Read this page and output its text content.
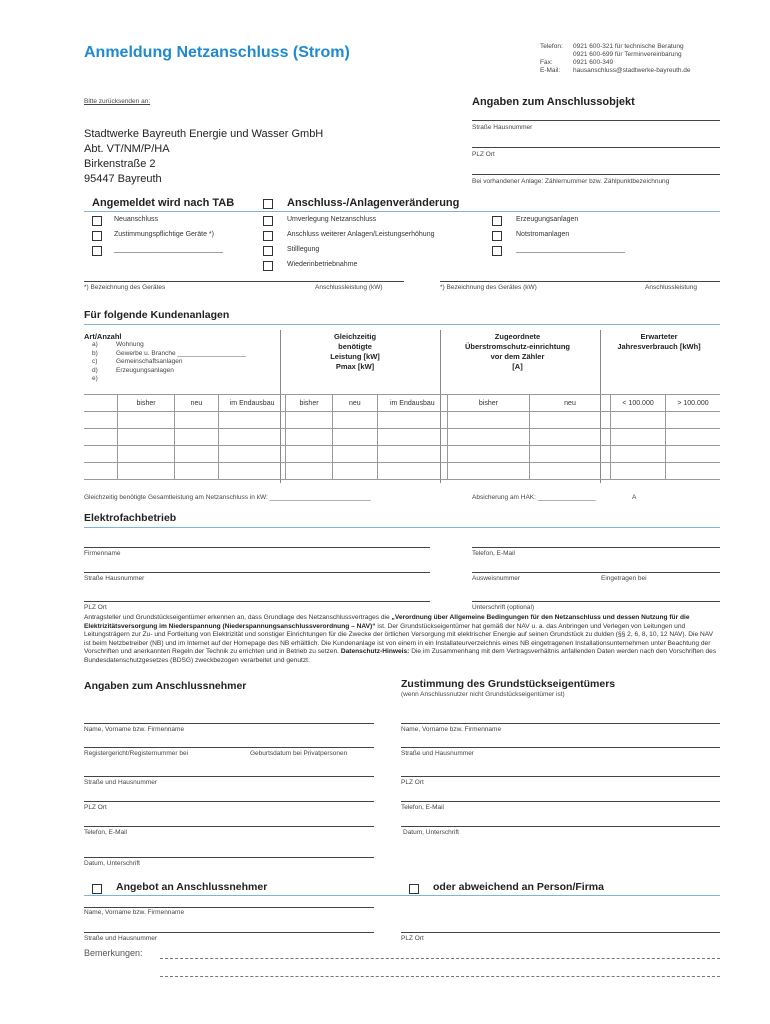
Anmeldung Netzanschluss (Strom)	Telefon:	0921 600-321 für technische Beratung
0921 600-699 für Terminvereinbarung
Fax:	0921 600-349
E-Mail:	hausanschluss@stadtwerke-bayreuth.de
Bitte zurücksenden an:
Stadtwerke Bayreuth Energie und Wasser GmbH
Abt. VT/NM/P/HA
Birkenstraße 2
95447 Bayreuth
Angaben zum Anschlussobjekt
Straße Hausnummer
PLZ Ort
Bei vorhandener Anlage: Zählernummer bzw. Zählpunktbezeichnung
Angemeldet wird nach TAB	Anschluss-/Anlagenveränderung
Neuanschluss
Zustimmungspflichtige Geräte *)
____________________________
Umverlegung Netzanschluss
Anschluss weiterer Anlagen/Leistungserhöhung
Stilllegung
Wiederinbetriebnahme
Erzeugungsanlagen
Notstromanlagen
____________________________
*) Bezeichnung des Gerätes	Anschlussleistung (kW)	*) Bezeichnung des Gerätes (kW)	Anschlussleistung
Für folgende Kundenanlagen
Art/Anzahl
a)	Wohnung
b)	Gewerbe u. Branche ___________________
c)	Gemeinschaftsanlagen
d)	Erzeugungsanlagen
e)
Gleichzeitig
benötigte
Leistung [kW]
Pmax [kW]
Zugeordnete
Überstromschutz-einrichtung
vor dem Zähler
[A]
Erwarteter
Jahresverbrauch [kWh]
	bisher	neu	im Endausbau	bisher	neu	im Endausbau	bisher	neu	< 100.000	> 100.000

Gleichzeitig benötigte Gesamtleistung am Netzanschluss in kW: ____________________________	Absicherung am HAK: ________________	A
Elektrofachbetrieb
Firmenname	Telefon, E-Mail
Straße Hausnummer	Ausweisnummer	Eingetragen bei
PLZ Ort	Unterschrift (optional)
Antragsteller und Grundstückseigentümer erkennen an, dass Grundlage des Netzanschlussvertrages die „Verordnung über Allgemeine Bedingungen für den Netzanschluss und dessen Nutzung für die Elektrizitätsversorgung im Niederspannung (Niederspannungsanschlussverordnung – NAV)“ ist. Der Grundstückseigentümer hat gemäß der NAV u. a. das Anbringen und Verlegen von Leitungen und Leitungsträgern zur Zu- und Fortleitung von Elektrizität und sonstiger Einrichtungen für die Zwecke der örtlichen Versorgung mit elektrischer Energie auf seinen Grundstück zu dulden (§§ 2, 6, 8, 10, 12 NAV). Die NAV ist beim Netzbetreiber (NB) und im Internet auf der Homepage des NB erhältlich. Die Kundenanlage ist von einem in ein Installateurverzeichnis eines NB eingetragenen Installationsunternehmen unter Beachtung der Vorschriften und anerkannten Regeln der Technik zu errichten und in Betrieb zu setzen. Datenschutz-Hinweis: Die im Zusammenhang mit dem Vertragsverhältnis anfallenden Daten werden nach den Vorschriften des Bundesdatenschutzgesetzes (BDSG) zweckbezogen verarbeitet und genutzt.
Angaben zum Anschlussnehmer
Name, Vorname bzw. Firmenname
Registergericht/Registernummer bei	Geburtsdatum bei Privatpersonen
Straße und Hausnummer
PLZ Ort
Telefon, E-Mail
Datum, Unterschrift
Zustimmung des Grundstückseigentümers
(wenn Anschlussnutzer nicht Grundstückseigentümer ist)
Name, Vorname bzw. Firmenname
Straße und Hausnummer
PLZ Ort
Telefon, E-Mail
Datum, Unterschrift
Angebot an Anschlussnehmer	oder abweichend an Person/Firma
Name, Vorname bzw. Firmenname
Straße und Hausnummer	PLZ Ort
Bemerkungen:
